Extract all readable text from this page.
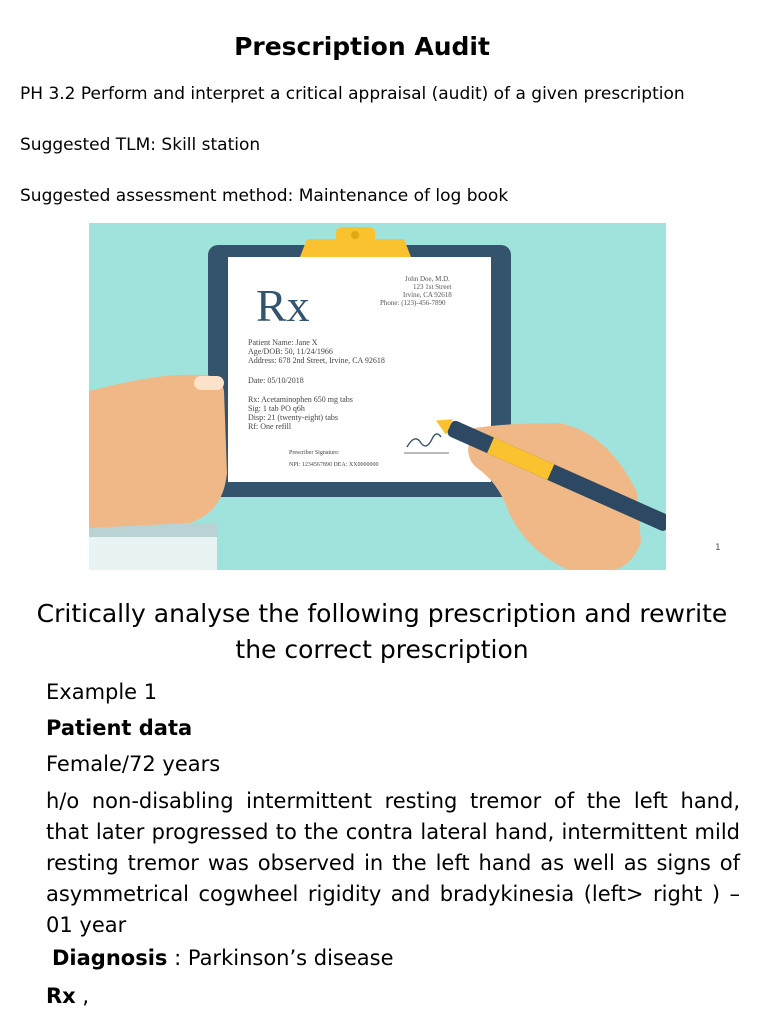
Prescription Audit
PH 3.2 Perform and interpret a critical appraisal (audit) of a given prescription
Suggested TLM: Skill station
Suggested assessment method: Maintenance of log book
Rx
John Doe, M.D.
123 1st Street
Irvine, CA 92618
Phone: (123)-456-7890
Patient Name: Jane X
Age/DOB: 50, 11/24/1966
Address: 678 2nd Street, Irvine, CA 92618
Date: 05/10/2018
Rx: Acetaminophen 650 mg tabs
Sig: 1 tab PO q6h
Disp: 21 (twenty-eight) tabs
Rf: One refill
Prescriber Signature:
NPI: 1234567890 DEA: XX0000000
1
Critically analyse the following prescription and rewrite the correct prescription
Example 1
Patient data
Female/72 years
h/o non-disabling intermittent resting tremor of the left hand, that later progressed to the contra lateral hand, intermittent mild resting tremor was observed in the left hand as well as signs of asymmetrical cogwheel rigidity and bradykinesia (left> right ) – 01 year
Diagnosis : Parkinson’s disease
Rx ,
